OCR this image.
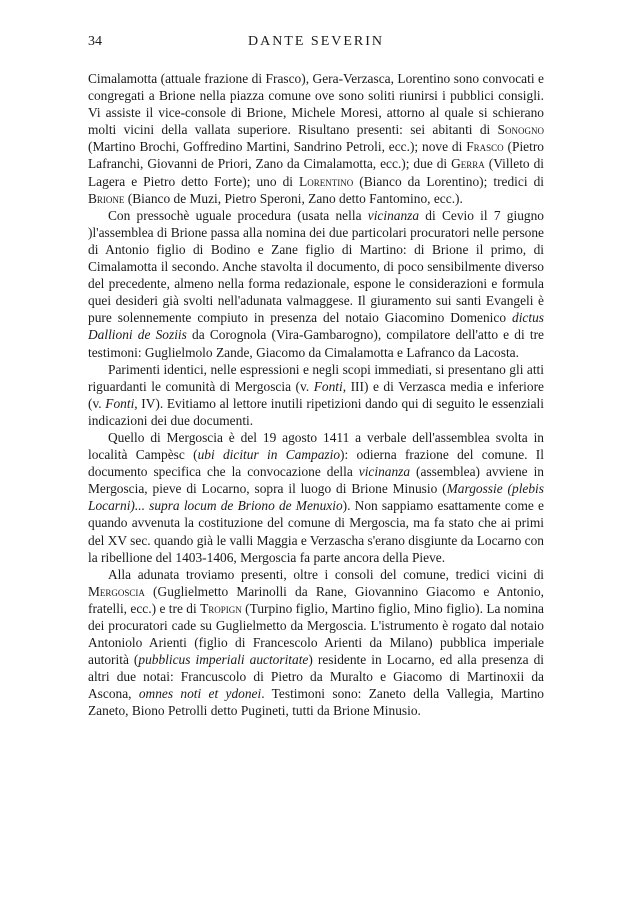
34	DANTE SEVERIN

Cimalamotta (attuale frazione di Frasco), Gera-Verzasca, Lorentino sono convocati e congregati a Brione nella piazza comune ove sono soliti riunirsi i pubblici consigli. Vi assiste il vice-console di Brione, Michele Moresi, attorno al quale si schierano molti vicini della vallata superiore. Risultano presenti: sei abitanti di Sonogno (Martino Brochi, Goffredino Martini, Sandrino Petroli, ecc.); nove di Frasco (Pietro Lafranchi, Giovanni de Priori, Zano da Cimalamotta, ecc.); due di Gerra (Villeto di Lagera e Pietro detto Forte); uno di Lorentino (Bianco da Lorentino); tredici di Brione (Bianco de Muzi, Pietro Speroni, Zano detto Fantomino, ecc.).

Con pressochè uguale procedura (usata nella vicinanza di Cevio il 7 giugno )l'assemblea di Brione passa alla nomina dei due particolari procuratori nelle persone di Antonio figlio di Bodino e Zane figlio di Martino: di Brione il primo, di Cimalamotta il secondo. Anche stavolta il documento, di poco sensibilmente diverso del precedente, almeno nella forma redazionale, espone le considerazioni e formula quei desideri già svolti nell'adunata valmaggese. Il giuramento sui santi Evangeli è pure solennemente compiuto in presenza del notaio Giacomino Domenico dictus Dallioni de Soziis da Corognola (Vira-Gambarogno), compilatore dell'atto e di tre testimoni: Guglielmolo Zande, Giacomo da Cimalamotta e Lafranco da Lacosta.

Parimenti identici, nelle espressioni e negli scopi immediati, si presentano gli atti riguardanti le comunità di Mergoscia (v. Fonti, III) e di Verzasca media e inferiore (v. Fonti, IV). Evitiamo al lettore inutili ripetizioni dando qui di seguito le essenziali indicazioni dei due documenti.

Quello di Mergoscia è del 19 agosto 1411 a verbale dell'assemblea svolta in località Campèsc (ubi dicitur in Campazio): odierna frazione del comune. Il documento specifica che la convocazione della vicinanza (assemblea) avviene in Mergoscia, pieve di Locarno, sopra il luogo di Brione Minusio (Margossie (plebis Locarni)... supra locum de Briono de Menuxio). Non sappiamo esattamente come e quando avvenuta la costituzione del comune di Mergoscia, ma fa stato che ai primi del XV sec. quando già le valli Maggia e Verzascha s'erano disgiunte da Locarno con la ribellione del 1403-1406, Mergoscia fa parte ancora della Pieve.

Alla adunata troviamo presenti, oltre i consoli del comune, tredici vicini di Mergoscia (Guglielmetto Marinolli da Rane, Giovannino Giacomo e Antonio, fratelli, ecc.) e tre di Tropign (Turpino figlio, Martino figlio, Mino figlio). La nomina dei procuratori cade su Guglielmetto da Mergoscia. L'istrumento è rogato dal notaio Antoniolo Arienti (figlio di Francescolo Arienti da Milano) pubblica imperiale autorità (pubblicus imperiali auctoritate) residente in Locarno, ed alla presenza di altri due notai: Francuscolo di Pietro da Muralto e Giacomo di Martinoxii da Ascona, omnes noti et ydonei. Testimoni sono: Zaneto della Vallegia, Martino Zaneto, Biono Petrolli detto Pugineti, tutti da Brione Minusio.
